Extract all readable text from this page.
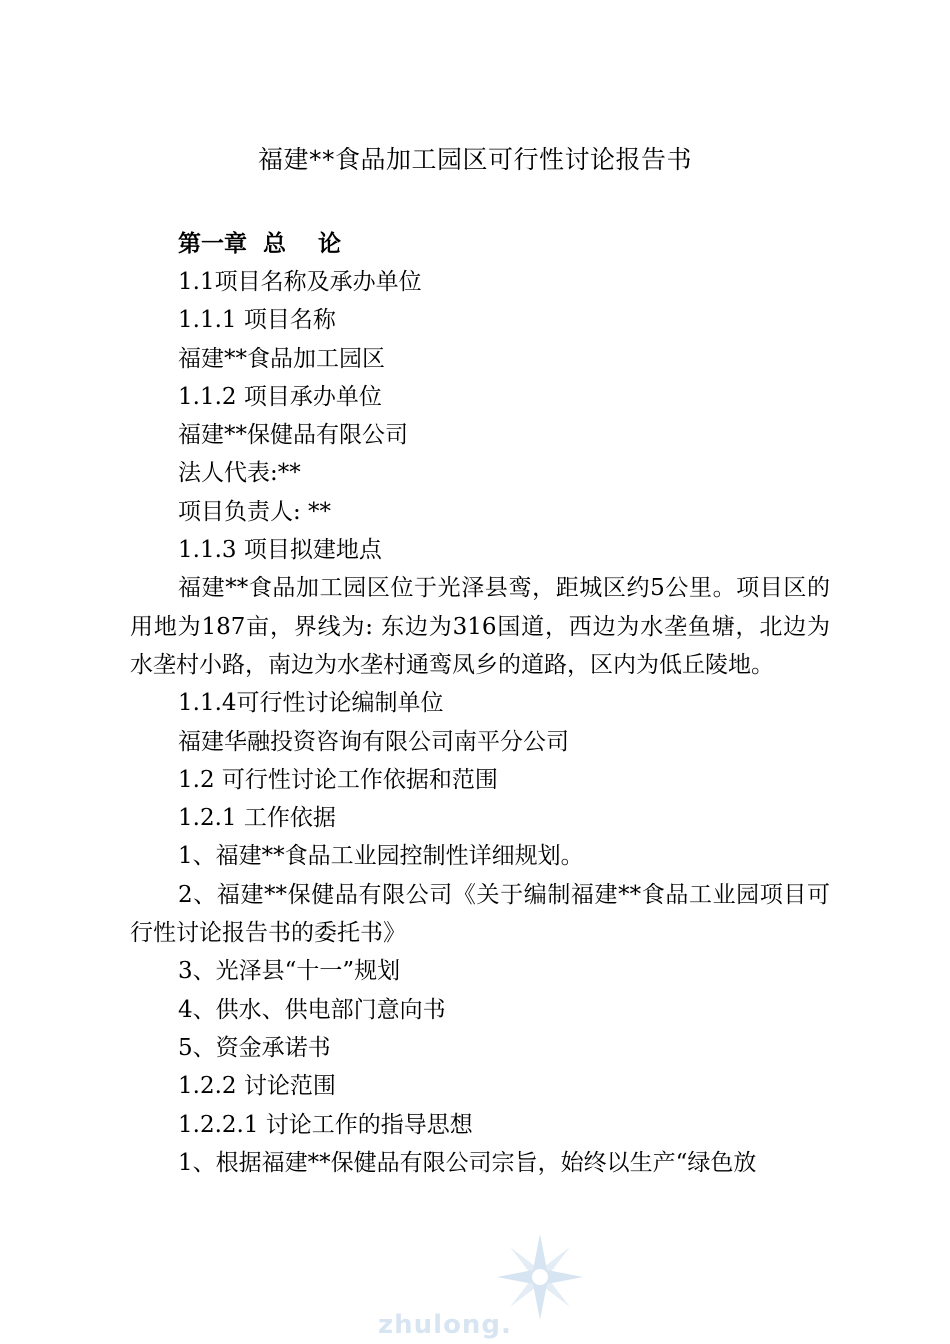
福建**食品加工园区可行性讨论报告书
第一章 总  论

1.1项目名称及承办单位

1.1.1 项目名称

福建**食品加工园区

1.1.2 项目承办单位

福建**保健品有限公司

法人代表:**

项目负责人: **

1.1.3 项目拟建地点

福建**食品加工园区位于光泽县鸾，距城区约5公里。项目区的用地为187亩，界线为: 东边为316国道，西边为水垄鱼塘，北边为水垄村小路，南边为水垄村通鸾凤乡的道路，区内为低丘陵地。

1.1.4可行性讨论编制单位

福建华融投资咨询有限公司南平分公司

1.2 可行性讨论工作依据和范围

1.2.1 工作依据

1、福建**食品工业园控制性详细规划。

2、福建**保健品有限公司《关于编制福建**食品工业园项目可行性讨论报告书的委托书》

3、光泽县“十一”规划

4、供水、供电部门意向书

5、资金承诺书

1.2.2 讨论范围

1.2.2.1 讨论工作的指导思想

1、根据福建**保健品有限公司宗旨，始终以生产“绿色放

zhulong.
